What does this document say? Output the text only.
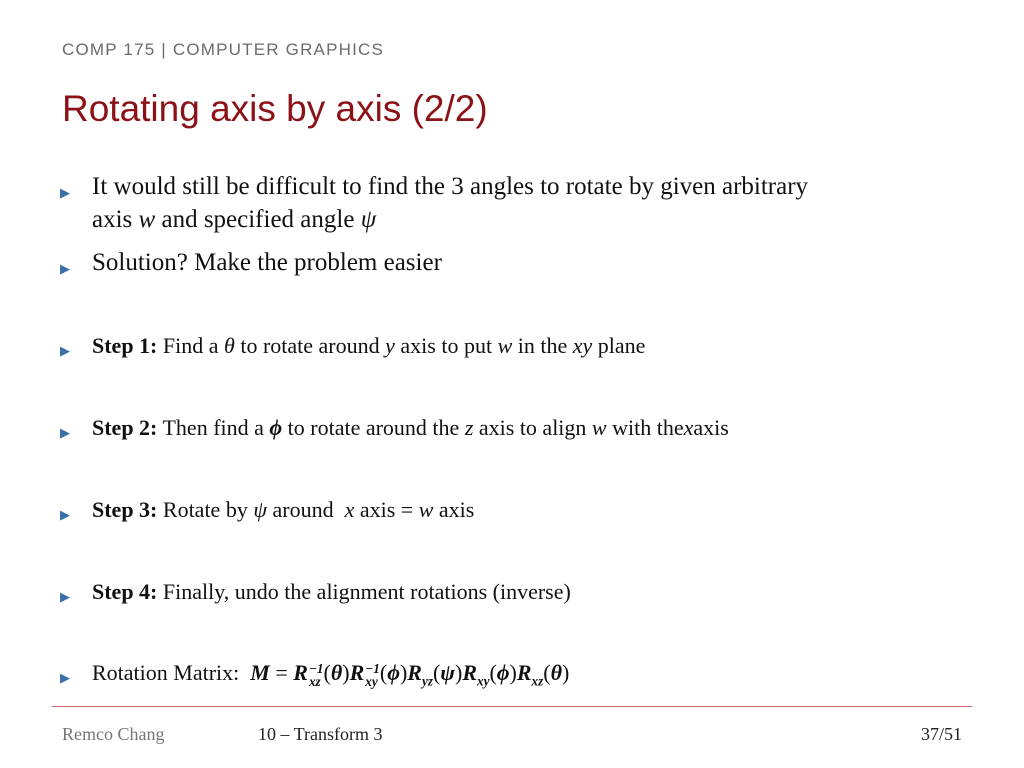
COMP 175 | COMPUTER GRAPHICS
Rotating axis by axis (2/2)
▶ It would still be difficult to find the 3 angles to rotate by given arbitrary
axis w and specified angle ψ
▶ Solution? Make the problem easier
▶ Step 1: Find a θ to rotate around y axis to put w in the xy plane
▶ Step 2: Then find a ϕ to rotate around the z axis to align w with thexaxis
▶ Step 3: Rotate by ψ around  x axis = w axis
▶ Step 4: Finally, undo the alignment rotations (inverse)
▶ Rotation Matrix:  M = R −1
xz (θ)R −1
xy $(\phi)R_{yz}(\psi)R_{xy}(\phi)R_{xz}(\theta)$
Remco Chang	10 – Transform 3	37/51
